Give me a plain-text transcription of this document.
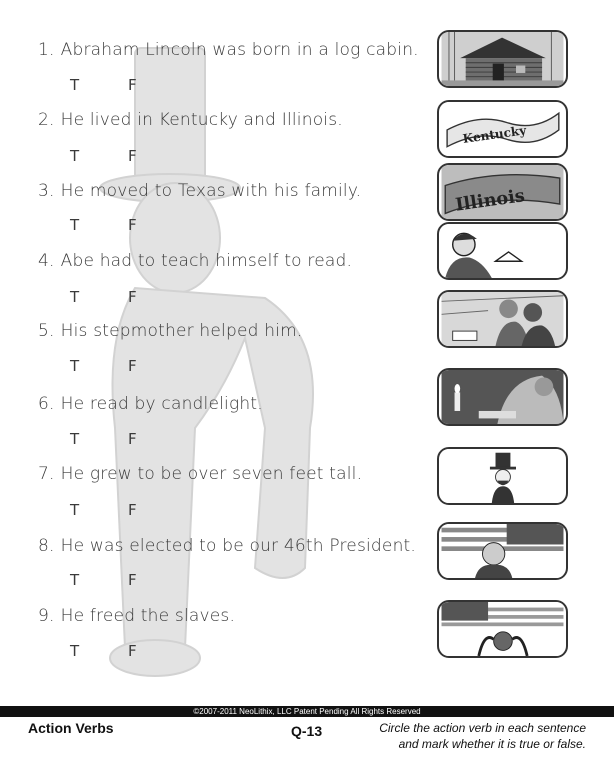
1. Abraham Lincoln was born in a log cabin.
T	F
2. He lived in Kentucky and Illinois.
T	F
3. He moved to Texas with his family.
T	F
4. Abe had to teach himself to read.
T	F
5. His stepmother helped him.
T	F
6. He read by candlelight.
T	F
7. He grew to be over seven feet tall.
T	F
8. He was elected to be our 46th President.
T	F
9. He freed the slaves.
T	F
Kentucky
Illinois
©2007-2011 NeoLithix, LLC Patent Pending All Rights Reserved
Action Verbs	Q-13	Circle the action verb in each sentence and mark whether it is true or false.
